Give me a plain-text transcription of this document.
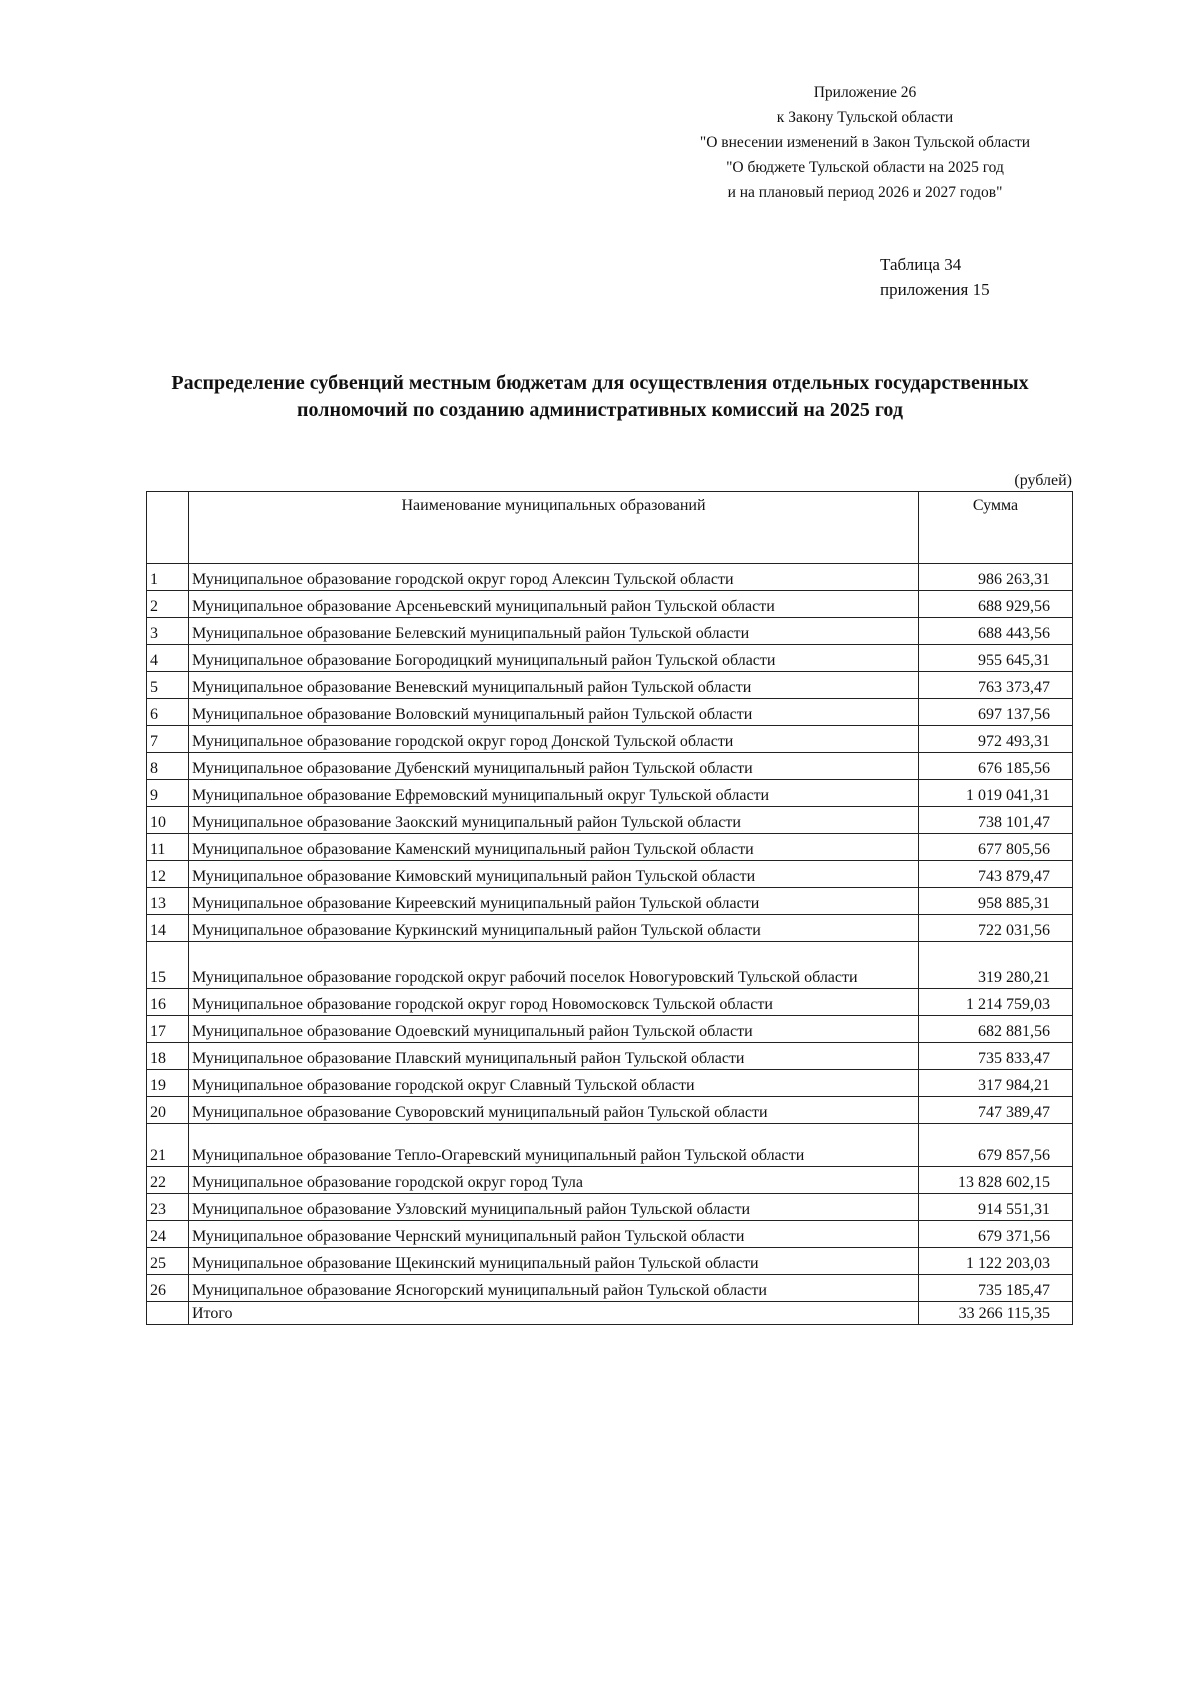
Приложение 26
к Закону Тульской области
"О внесении изменений в Закон Тульской области
"О бюджете Тульской области на 2025 год
и на плановый период 2026 и 2027 годов"
Таблица 34
приложения 15
Распределение субвенций местным бюджетам для осуществления отдельных государственных
полномочий по созданию административных комиссий на 2025 год
(рублей)
	Наименование муниципальных образований	Сумма
1	Муниципальное образование городской округ город Алексин Тульской области	986 263,31
2	Муниципальное образование Арсеньевский муниципальный район Тульской области	688 929,56
3	Муниципальное образование Белевский муниципальный район Тульской области	688 443,56
4	Муниципальное образование Богородицкий муниципальный район Тульской области	955 645,31
5	Муниципальное образование Веневский муниципальный район Тульской области	763 373,47
6	Муниципальное образование Воловский муниципальный район Тульской области	697 137,56
7	Муниципальное образование городской округ город Донской Тульской области	972 493,31
8	Муниципальное образование Дубенский муниципальный район Тульской области	676 185,56
9	Муниципальное образование Ефремовский муниципальный округ Тульской области	1 019 041,31
10	Муниципальное образование Заокский муниципальный район Тульской области	738 101,47
11	Муниципальное образование Каменский муниципальный район Тульской области	677 805,56
12	Муниципальное образование Кимовский муниципальный район Тульской области	743 879,47
13	Муниципальное образование Киреевский муниципальный район Тульской области	958 885,31
14	Муниципальное образование Куркинский муниципальный район Тульской области	722 031,56
15	Муниципальное образование городской округ рабочий поселок Новогуровский Тульской области	319 280,21
16	Муниципальное образование городской округ город Новомосковск Тульской области	1 214 759,03
17	Муниципальное образование Одоевский муниципальный район Тульской области	682 881,56
18	Муниципальное образование Плавский муниципальный район Тульской области	735 833,47
19	Муниципальное образование городской округ Славный Тульской области	317 984,21
20	Муниципальное образование Суворовский муниципальный район Тульской области	747 389,47
21	Муниципальное образование Тепло-Огаревский муниципальный район Тульской области	679 857,56
22	Муниципальное образование городской округ город Тула	13 828 602,15
23	Муниципальное образование Узловский муниципальный район Тульской области	914 551,31
24	Муниципальное образование Чернский муниципальный район Тульской области	679 371,56
25	Муниципальное образование Щекинский муниципальный район Тульской области	1 122 203,03
26	Муниципальное образование Ясногорский муниципальный район Тульской области	735 185,47
	Итого	33 266 115,35
